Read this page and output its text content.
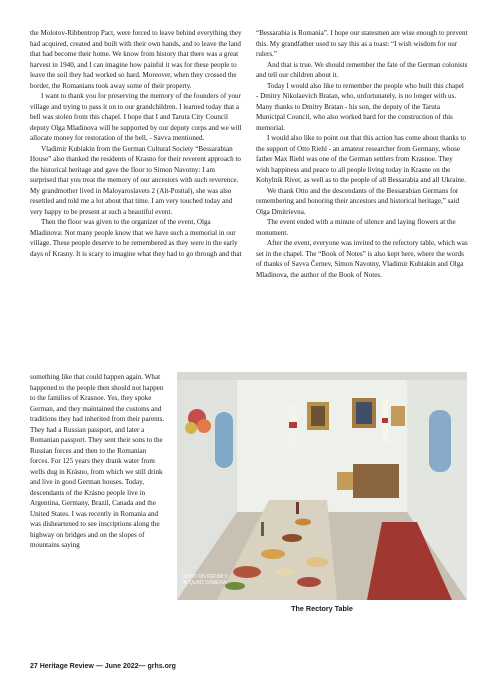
the Molotov-Ribbentrop Pact, were forced to leave behind everything they had acquired, created and built with their own hands, and to leave the land that had become their home. We know from history that there was a great harvest in 1940, and I can imagine how painful it was for these people to leave the soil they had worked so hard. Moreover, when they crossed the border, the Romanians took away some of their property.

I want to thank you for preserving the memory of the founders of your village and trying to pass it on to our grandchildren. I learned today that a bell was stolen from this chapel. I hope that I and Taruta City Council deputy Olga Mladinova will be supported by our deputy corps and we will allocate money for restoration of the bell, - Savva mentioned.

Vladimir Kubiakin from the German Cultural Society “Bessarabian House” also thanked the residents of Krasno for their reverent approach to the historical heritage and gave the floor to Simon Navotny: I am surprised that you treat the memory of our ancestors with such reverence. My grandmother lived in Maloyaroslavets 2 (Alt-Posttal), she was also resettled and told me a lot about that time. I am very touched today and very happy to be present at such a beautiful event.

Then the floor was given to the organizer of the event, Olga Mladinova: Not many people know that we have such a memorial in our village. These people deserve to be remembered as they were in the early days of Krasny. It is scary to imagine what they had to go through and that

“Bessarabia is Romania”. I hope our statesmen are wise enough to prevent this. My grandfather used to say this as a toast: “I wish wisdom for our rulers.”

And that is true. We should remember the fate of the German colonists and tell our children about it.

Today I would also like to remember the people who built this chapel - Dmitry Nikolaevich Bratan, who, unfortunately, is no longer with us. Many thanks to Dmitry Bratan - his son, the deputy of the Taruta Municipal Council, who also worked hard for the construction of this memorial.

I would also like to point out that this action has come about thanks to the support of Otto Riehl - an amateur researcher from Germany, whose father Max Riehl was one of the German settlers from Krasnoe. They wish happiness and peace to all people living today in Krasne on the Kohylnik River, as well as to the people of all Bessarabia and all Ukraine.

We thank Otto and the descendants of the Bessarabian Germans for remembering and honoring their ancestors and historical heritage,” said Olga Dmitrievna.

The event ended with a minute of silence and laying flowers at the monument.

After the event, everyone was invited to the refectory table, which was set in the chapel. The “Book of Notes” is also kept here, where the words of thanks of Savva Černev, Simon Navotny, Vladimir Kubiakin and Olga Mladinova, the author of the Book of Notes.

something like that could happen again. What happened to the people then should not happen to the families of Krasnoe. Yes, they spoke German, and they maintained the customs and traditions they had inherited from their parents. They had a Russian passport, and later a Romanian passport. They sent their sons to the Russian forces and then to the Romanian forces. For 125 years they drank water from wells dug in Krásno, from which we still drink and live in good German houses. Today, descendants of the Krásno people live in Argentina, Germany, Brazil, Canada and the United States. I was recently in Romania and was disheartened to see inscriptions along the highway on bridges and on the slopes of mountains saying

SHOT ON REDMI 9
AI QUAD CAMERA
The Rectory Table
27 Heritage Review — June 2022— grhs.org
